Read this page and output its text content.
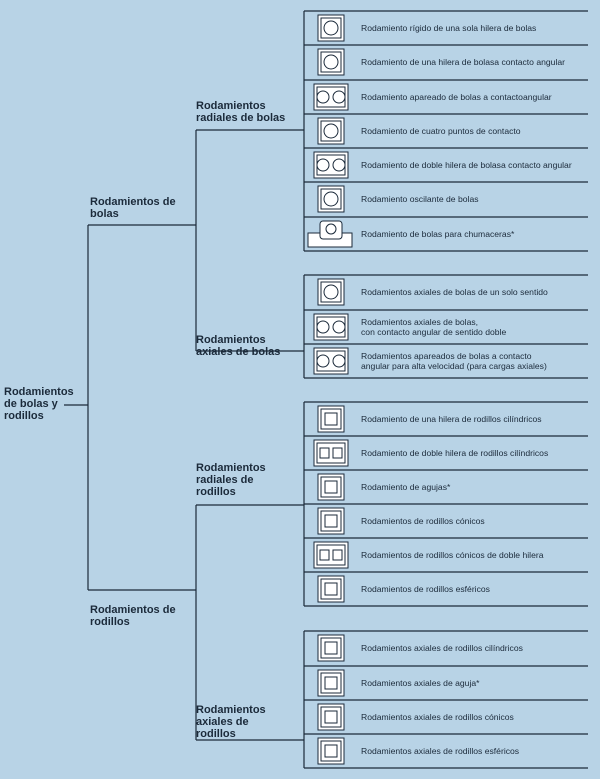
Rodamientos
de bolas y
rodillos
Rodamientos de
bolas
Rodamientos de
rodillos
Rodamientos
radiales de bolas
Rodamientos
axiales de bolas
Rodamientos
radiales de
rodillos
Rodamientos
axiales de
rodillos
Rodamiento rígido de una sola hilera de bolas
Rodamiento de una hilera de bolasa contacto angular
Rodamiento apareado de bolas a contactoangular
Rodamiento de cuatro puntos de contacto
Rodamiento de doble hilera de bolasa contacto angular
Rodamiento oscilante de bolas
Rodamiento de bolas para chumaceras*
Rodamientos axiales de bolas de un solo sentido
Rodamientos axiales de bolas,
con contacto angular de sentido doble
Rodamientos apareados de bolas a contacto
angular para alta velocidad (para cargas axiales)
Rodamiento de una hilera de rodillos cilíndricos
Rodamiento de doble hilera de rodillos cilíndricos
Rodamiento de agujas*
Rodamientos de rodillos cónicos
Rodamientos de rodillos cónicos de doble hilera
Rodamientos de rodillos esféricos
Rodamientos axiales de rodillos cilíndricos
Rodamientos axiales de aguja*
Rodamientos axiales de rodillos cónicos
Rodamientos axiales de rodillos esféricos
